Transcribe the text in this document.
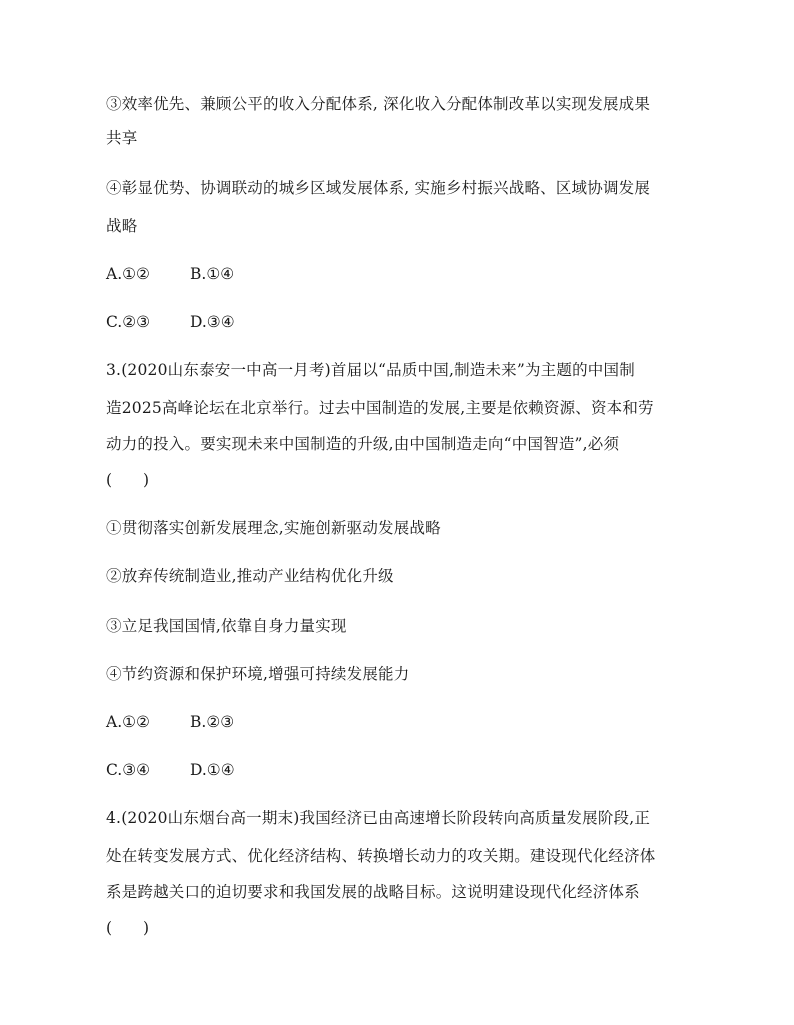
③效率优先、兼顾公平的收入分配体系, 深化收入分配体制改革以实现发展成果
共享
④彰显优势、协调联动的城乡区域发展体系, 实施乡村振兴战略、区域协调发展
战略
A.①②	B.①④
C.②③	D.③④
3.(2020山东泰安一中高一月考)首届以“品质中国,制造未来”为主题的中国制
造2025高峰论坛在北京举行。过去中国制造的发展,主要是依赖资源、资本和劳
动力的投入。要实现未来中国制造的升级,由中国制造走向“中国智造”,必须
(　　)
①贯彻落实创新发展理念,实施创新驱动发展战略
②放弃传统制造业,推动产业结构优化升级
③立足我国国情,依靠自身力量实现
④节约资源和保护环境,增强可持续发展能力
A.①②	B.②③
C.③④	D.①④
4.(2020山东烟台高一期末)我国经济已由高速增长阶段转向高质量发展阶段,正
处在转变发展方式、优化经济结构、转换增长动力的攻关期。建设现代化经济体
系是跨越关口的迫切要求和我国发展的战略目标。这说明建设现代化经济体系
(　　)
